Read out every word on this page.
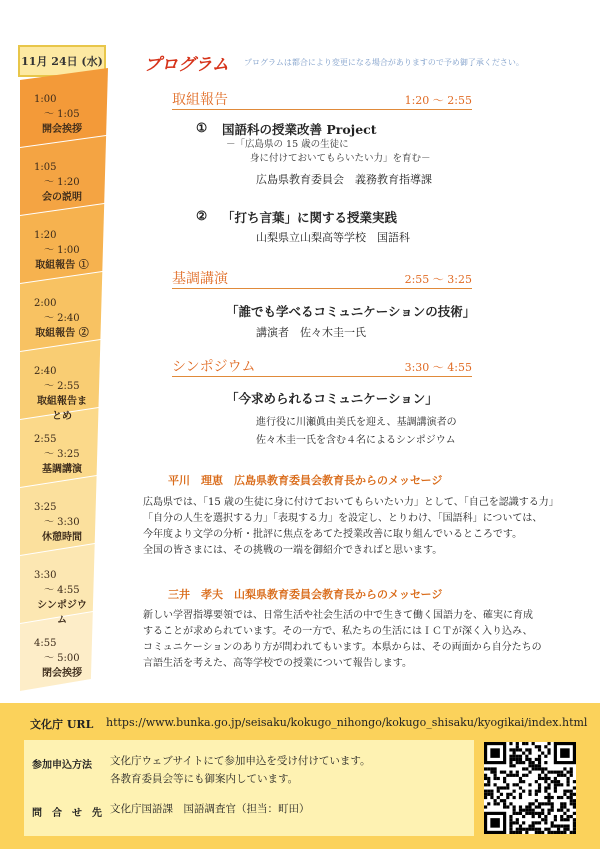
11月 24日 (水)
1:00
　～ 1:05
開会挨拶
1:05
　～ 1:20
会の説明
1:20
　～ 1:00
取組報告 ①
2:00
　～ 2:40
取組報告 ②
2:40
　～ 2:55
取組報告まとめ
2:55
　～ 3:25
基調講演
3:25
　～ 3:30
休憩時間
3:30
　～ 4:55
シンポジウム
4:55
　～ 5:00
閉会挨拶
プログラム プログラムは都合により変更になる場合がありますので予め御了承ください。
取組報告	1:20 ～ 2:55
① 国語科の授業改善 Project
－「広島県の 15 歳の生徒に
身に付けておいてもらいたい力」を育む－
広島県教育委員会　義務教育指導課
② 「打ち言葉」に関する授業実践
山梨県立山梨高等学校　国語科
基調講演	2:55 ～ 3:25
「誰でも学べるコミュニケーションの技術」
講演者　佐々木圭一氏
シンポジウム	3:30 ～ 4:55
「今求められるコミュニケーション」
進行役に川瀬眞由美氏を迎え、基調講演者の
佐々木圭一氏を含む４名によるシンポジウム
平川　理恵　広島県教育委員会教育長からのメッセージ
広島県では、「15 歳の生徒に身に付けておいてもらいたい力」として、「自己を認識する力」
「自分の人生を選択する力」「表現する力」を設定し、とりわけ、「国語科」については、
今年度より文学の分析・批評に焦点をあてた授業改善に取り組んでいるところです。
全国の皆さまには、その挑戦の一端を御紹介できればと思います。
三井　孝夫　山梨県教育委員会教育長からのメッセージ
新しい学習指導要領では、日常生活や社会生活の中で生きて働く国語力を、確実に育成
することが求められています。その一方で、私たちの生活にはＩＣＴが深く入り込み、
コミュニケーションのあり方が問われてもいます。本県からは、その両面から自分たちの
言語生活を考えた、高等学校での授業について報告します。
文化庁 URL https://www.bunka.go.jp/seisaku/kokugo_nihongo/kokugo_shisaku/kyogikai/index.html
参加申込方法 文化庁ウェブサイトにて参加申込を受け付けています。
各教育委員会等にも御案内しています。
問　合　せ　先 文化庁国語課　国語調査官（担当：町田）
